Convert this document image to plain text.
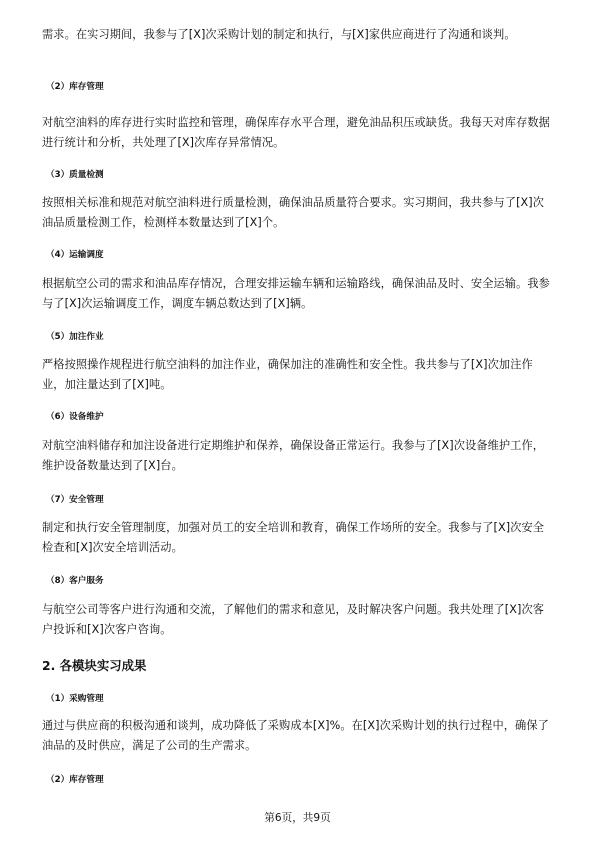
需求。在实习期间，我参与了[X]次采购计划的制定和执行，与[X]家供应商进行了沟通和谈判。

（2）库存管理

对航空油料的库存进行实时监控和管理，确保库存水平合理，避免油品积压或缺货。我每天对库存数据进行统计和分析，共处理了[X]次库存异常情况。

（3）质量检测

按照相关标准和规范对航空油料进行质量检测，确保油品质量符合要求。实习期间，我共参与了[X]次油品质量检测工作，检测样本数量达到了[X]个。

（4）运输调度

根据航空公司的需求和油品库存情况，合理安排运输车辆和运输路线，确保油品及时、安全运输。我参与了[X]次运输调度工作，调度车辆总数达到了[X]辆。

（5）加注作业

严格按照操作规程进行航空油料的加注作业，确保加注的准确性和安全性。我共参与了[X]次加注作业，加注量达到了[X]吨。

（6）设备维护

对航空油料储存和加注设备进行定期维护和保养，确保设备正常运行。我参与了[X]次设备维护工作，维护设备数量达到了[X]台。

（7）安全管理

制定和执行安全管理制度，加强对员工的安全培训和教育，确保工作场所的安全。我参与了[X]次安全检查和[X]次安全培训活动。

（8）客户服务

与航空公司等客户进行沟通和交流，了解他们的需求和意见，及时解决客户问题。我共处理了[X]次客户投诉和[X]次客户咨询。

2. 各模块实习成果

（1）采购管理

通过与供应商的积极沟通和谈判，成功降低了采购成本[X]%。在[X]次采购计划的执行过程中，确保了油品的及时供应，满足了公司的生产需求。

（2）库存管理

第6页，共9页
